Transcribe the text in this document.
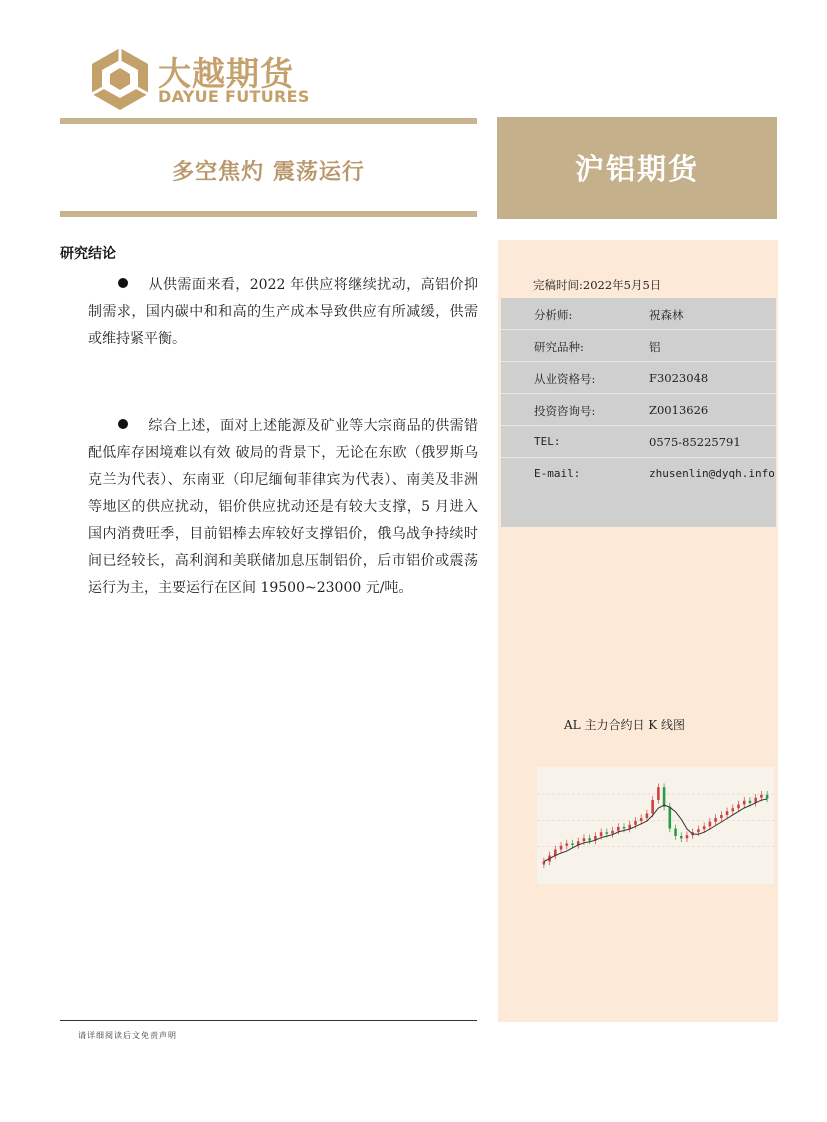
大越期货
DAYUE FUTURES
多空焦灼 震荡运行	沪铝期货
研究结论
从供需面来看，2022 年供应将继续扰动，高铝价抑制需求，国内碳中和和高的生产成本导致供应有所减缓，供需或维持紧平衡。
综合上述，面对上述能源及矿业等大宗商品的供需错配低库存困境难以有效 破局的背景下，无论在东欧（俄罗斯乌克兰为代表）、东南亚（印尼缅甸菲律宾为代表）、南美及非洲等地区的供应扰动，铝价供应扰动还是有较大支撑，5 月进入国内消费旺季，目前铝棒去库较好支撑铝价，俄乌战争持续时间已经较长，高利润和美联储加息压制铝价，后市铝价或震荡运行为主，主要运行在区间 19500~23000 元/吨。
完稿时间:2022年5月5日
分析师:	祝森林
研究品种:	铝
从业资格号:	F3023048
投资咨询号:	Z0013626
TEL:	0575-85225791
E-mail:	zhusenlin@dyqh.info
AL 主力合约日 K 线图
请详细阅读后文免责声明
